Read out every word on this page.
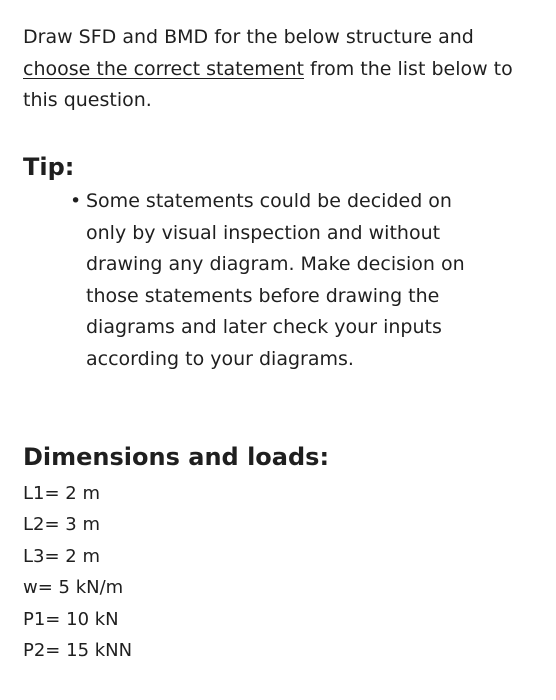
Draw SFD and BMD for the below structure and choose the correct statement from the list below to this question.
Tip:
• Some statements could be decided on only by visual inspection and without drawing any diagram. Make decision on those statements before drawing the diagrams and later check your inputs according to your diagrams.
Dimensions and loads:
L1= 2 m
L2= 3 m
L3= 2 m
w= 5 kN/m
P1= 10 kN
P2= 15 kNN
